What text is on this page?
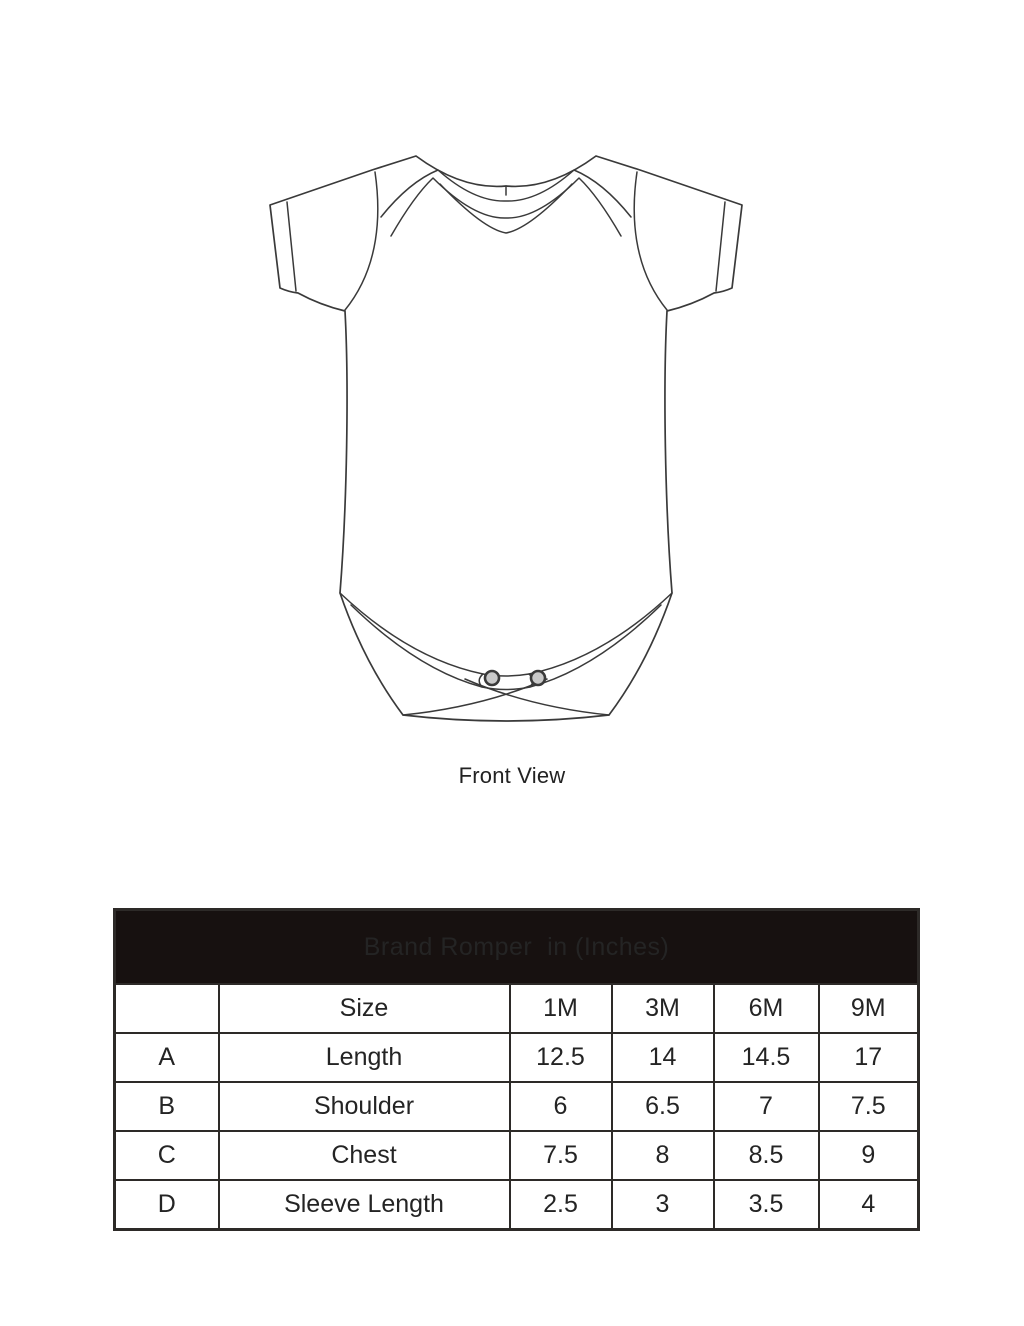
Front View
Brand Romper  in (Inches)					
	Size	1M	3M	6M	9M
A	Length	12.5	14	14.5	17
B	Shoulder	6	6.5	7	7.5
C	Chest	7.5	8	8.5	9
D	Sleeve Length	2.5	3	3.5	4
